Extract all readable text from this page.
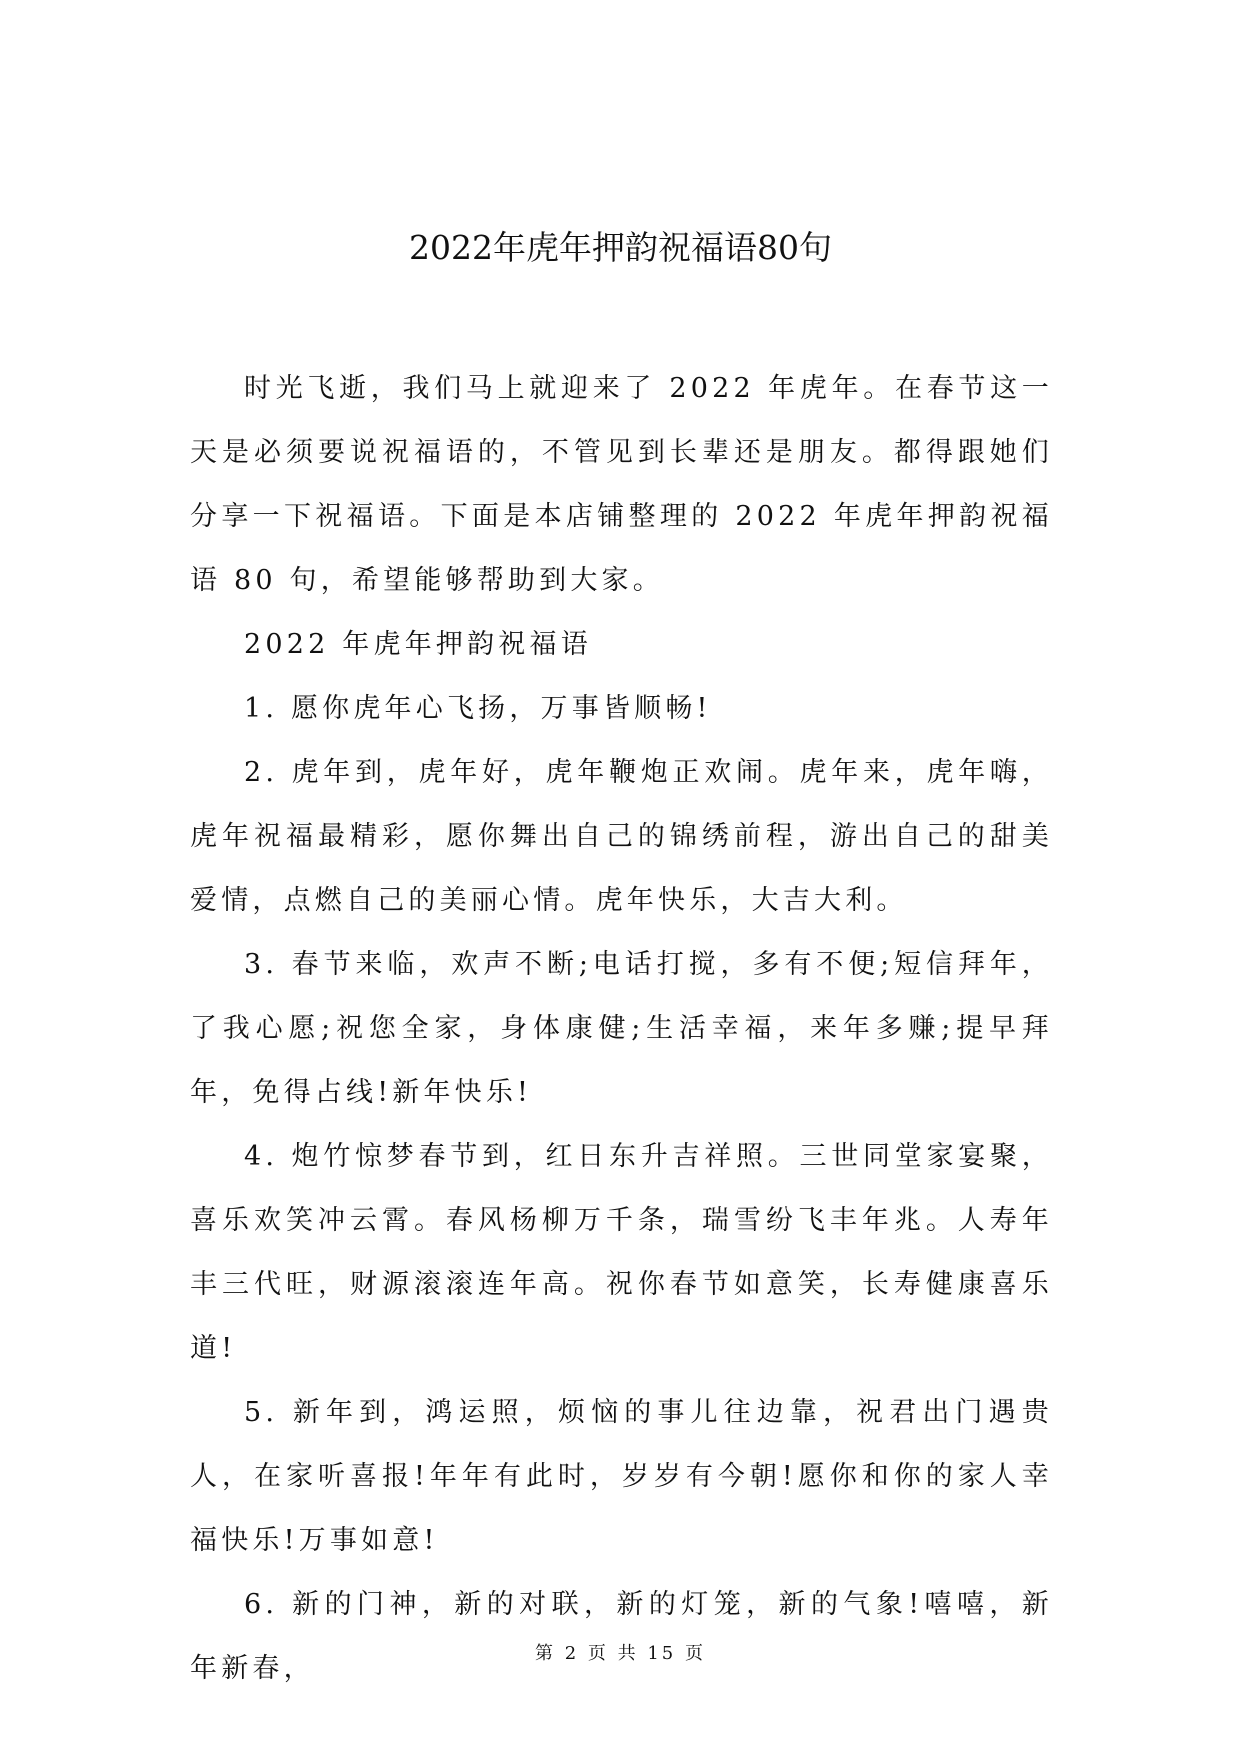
2022年虎年押韵祝福语80句

时光飞逝，我们马上就迎来了 2022 年虎年。在春节这一天是必须要说祝福语的，不管见到长辈还是朋友。都得跟她们分享一下祝福语。下面是本店铺整理的 2022 年虎年押韵祝福语 80 句，希望能够帮助到大家。

2022 年虎年押韵祝福语

1. 愿你虎年心飞扬，万事皆顺畅!

2. 虎年到，虎年好，虎年鞭炮正欢闹。虎年来，虎年嗨，虎年祝福最精彩，愿你舞出自己的锦绣前程，游出自己的甜美爱情，点燃自己的美丽心情。虎年快乐，大吉大利。

3. 春节来临，欢声不断;电话打搅，多有不便;短信拜年，了我心愿;祝您全家，身体康健;生活幸福，来年多赚;提早拜年，免得占线!新年快乐!

4. 炮竹惊梦春节到，红日东升吉祥照。三世同堂家宴聚，喜乐欢笑冲云霄。春风杨柳万千条，瑞雪纷飞丰年兆。人寿年丰三代旺，财源滚滚连年高。祝你春节如意笑，长寿健康喜乐道!

5. 新年到，鸿运照，烦恼的事儿往边靠，祝君出门遇贵人，在家听喜报!年年有此时，岁岁有今朝!愿你和你的家人幸福快乐!万事如意!

6. 新的门神，新的对联，新的灯笼，新的气象!嘻嘻，新年新春，	第 2 页 共 15 页
